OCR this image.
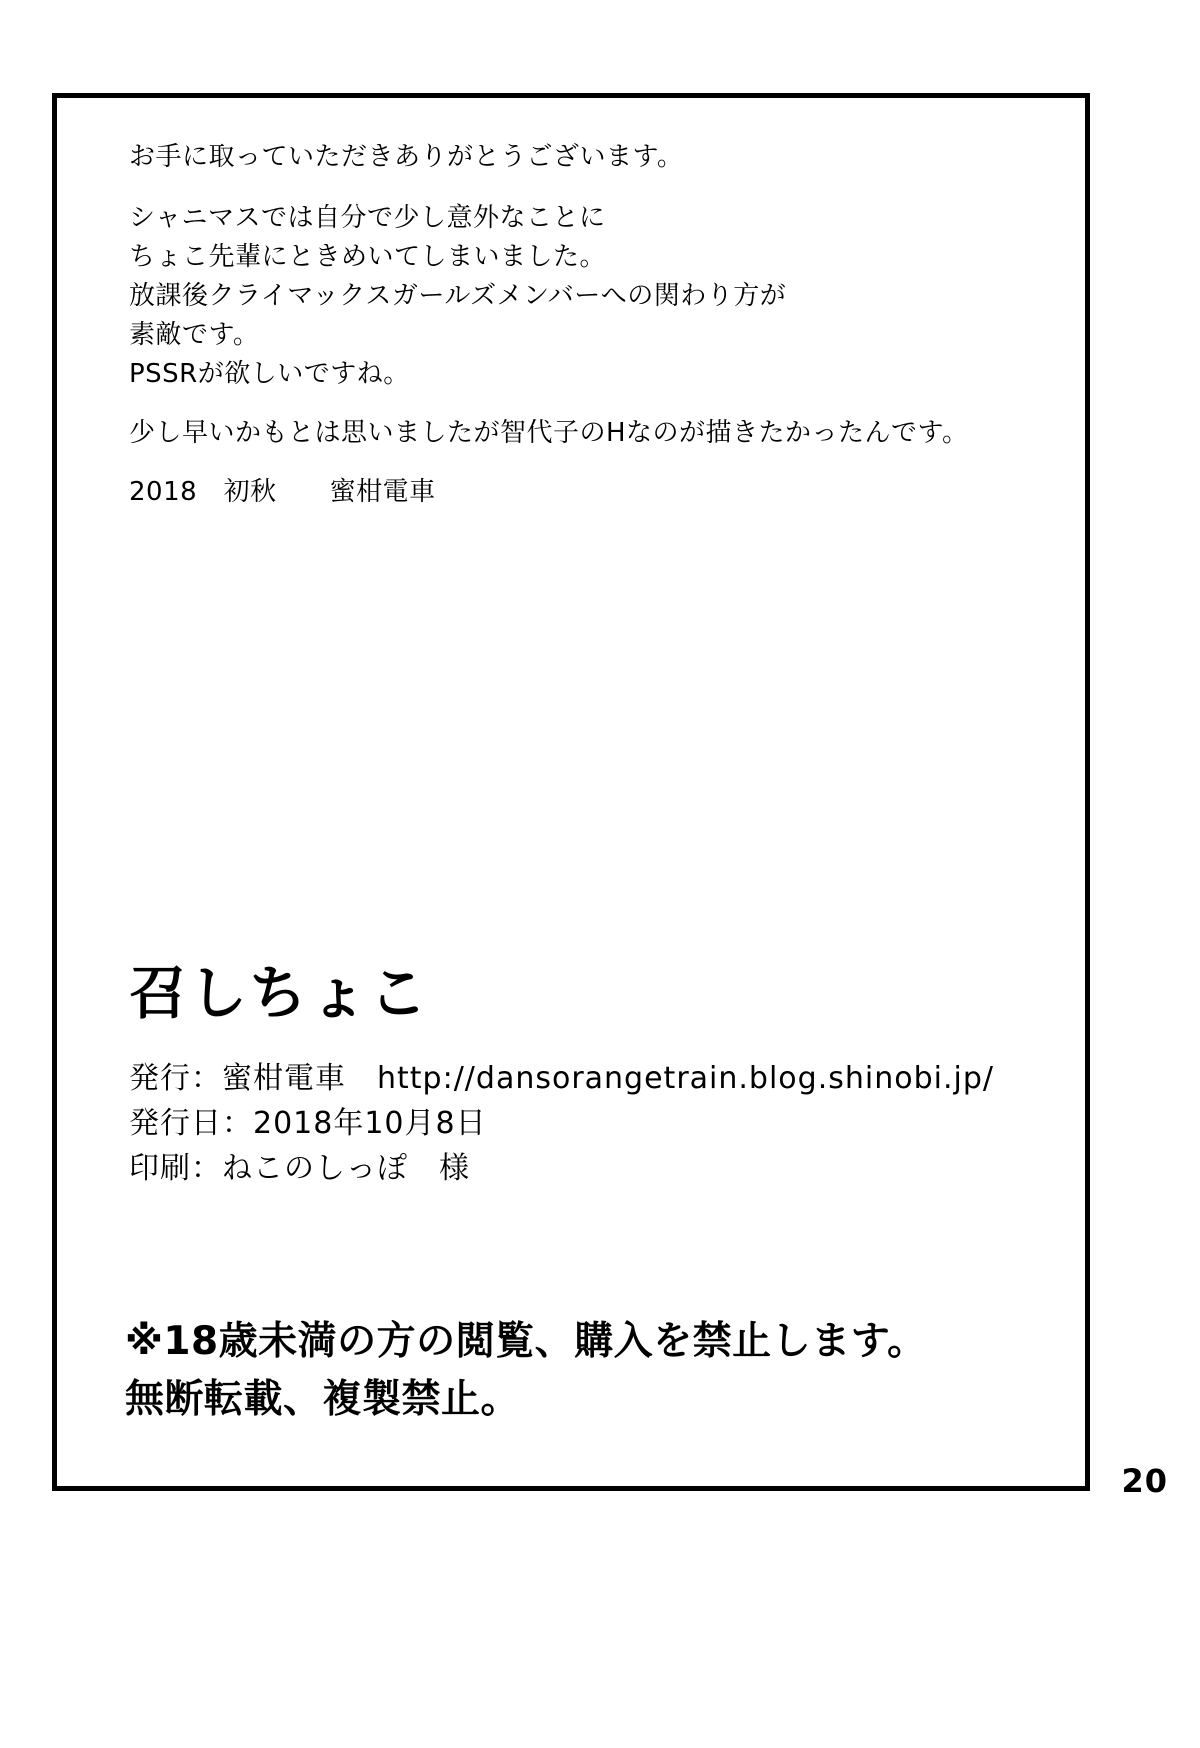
お手に取っていただきありがとうございます。
シャニマスでは自分で少し意外なことに
ちょこ先輩にときめいてしまいました。
放課後クライマックスガールズメンバーへの関わり方が
素敵です。
PSSRが欲しいですね。
少し早いかもとは思いましたが智代子のHなのが描きたかったんです。
2018　初秋　　蜜柑電車
召しちょこ
発行：蜜柑電車　http://dansorangetrain.blog.shinobi.jp/
発行日：2018年10月8日
印刷：ねこのしっぽ　様
※18歳未満の方の閲覧、購入を禁止します。
無断転載、複製禁止。
20
